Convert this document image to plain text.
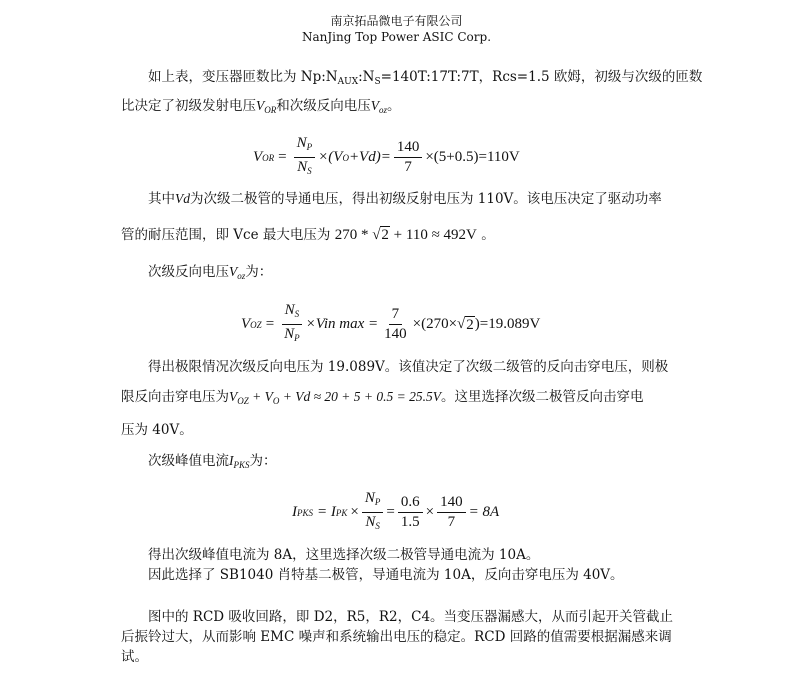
南京拓品微电子有限公司
NanJing Top Power ASIC Corp.
如上表，变压器匝数比为 $Np:N_{AUX}:N_S=140T:17T:7T$，Rcs=1.5 欧姆，初级与次级的匝数
比决定了初级发射电压$V_{OR}$和次级反向电压$V_{oz}$。
V OR = $\frac{N_P}{N_S} \times(V$ $O +Vd)= \frac{140}{7} \times(5+0.5)=110V$
其中Vd为次级二极管的导通电压，得出初级反射电压为 110V。该电压决定了驱动功率
管的耐压范围，即 Vce 最大电压为 270 * √2 + 110 ≈ 492V 。
次级反向电压$V_{oz}$为：
V OZ = $\frac{N_S}{N_P} \times Vin$ $\max = \frac{7}{140} \times(270\times$ √ 2 )=19.089V
得出极限情况次级反向电压为 19.089V。该值决定了次级二级管的反向击穿电压，则极
限反向击穿电压为$V_{OZ} + V_O + Vd \approx 20 + 5 + 0.5 = 25.5V$。这里选择次级二极管反向击穿电
压为 40V。
次级峰值电流$I_{PKS}$为：
I PKS = I PK × $\frac{N_P}{N_S} = \frac{0.6}{1.5} \times \frac{140}{7} = 8A$
得出次级峰值电流为 8A，这里选择次级二极管导通电流为 10A。
因此选择了 SB1040 肖特基二极管，导通电流为 10A，反向击穿电压为 40V。
图中的 RCD 吸收回路，即 D2，R5，R2，C4。当变压器漏感大，从而引起开关管截止
后振铃过大，从而影响 EMC 噪声和系统输出电压的稳定。RCD 回路的值需要根据漏感来调
试。
